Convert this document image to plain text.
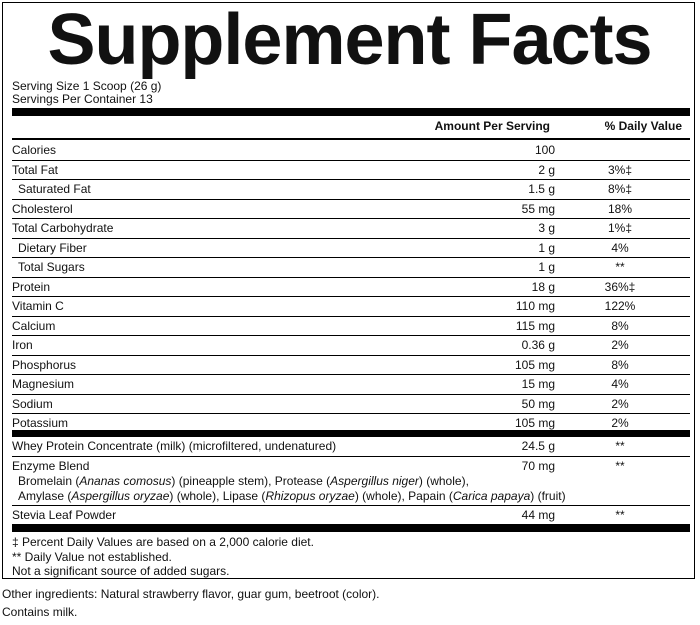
Supplement Facts
Serving Size 1 Scoop (26 g)
Servings Per Container 13
Amount Per Serving	% Daily Value
Calories	100
Total Fat	2 g	3%‡
Saturated Fat	1.5 g	8%‡
Cholesterol	55 mg	18%
Total Carbohydrate	3 g	1%‡
Dietary Fiber	1 g	4%
Total Sugars	1 g	**
Protein	18 g	36%‡
Vitamin C	110 mg	122%
Calcium	115 mg	8%
Iron	0.36 g	2%
Phosphorus	105 mg	8%
Magnesium	15 mg	4%
Sodium	50 mg	2%
Potassium	105 mg	2%
Whey Protein Concentrate (milk) (microfiltered, undenatured)	24.5 g	**
Enzyme Blend	70 mg	**
Bromelain (Ananas comosus) (pineapple stem), Protease (Aspergillus niger) (whole),
Amylase (Aspergillus oryzae) (whole), Lipase (Rhizopus oryzae) (whole), Papain (Carica papaya) (fruit)
Stevia Leaf Powder	44 mg	**
‡ Percent Daily Values are based on a 2,000 calorie diet.
** Daily Value not established.
Not a significant source of added sugars.
Other ingredients: Natural strawberry flavor, guar gum, beetroot (color).
Contains milk.
